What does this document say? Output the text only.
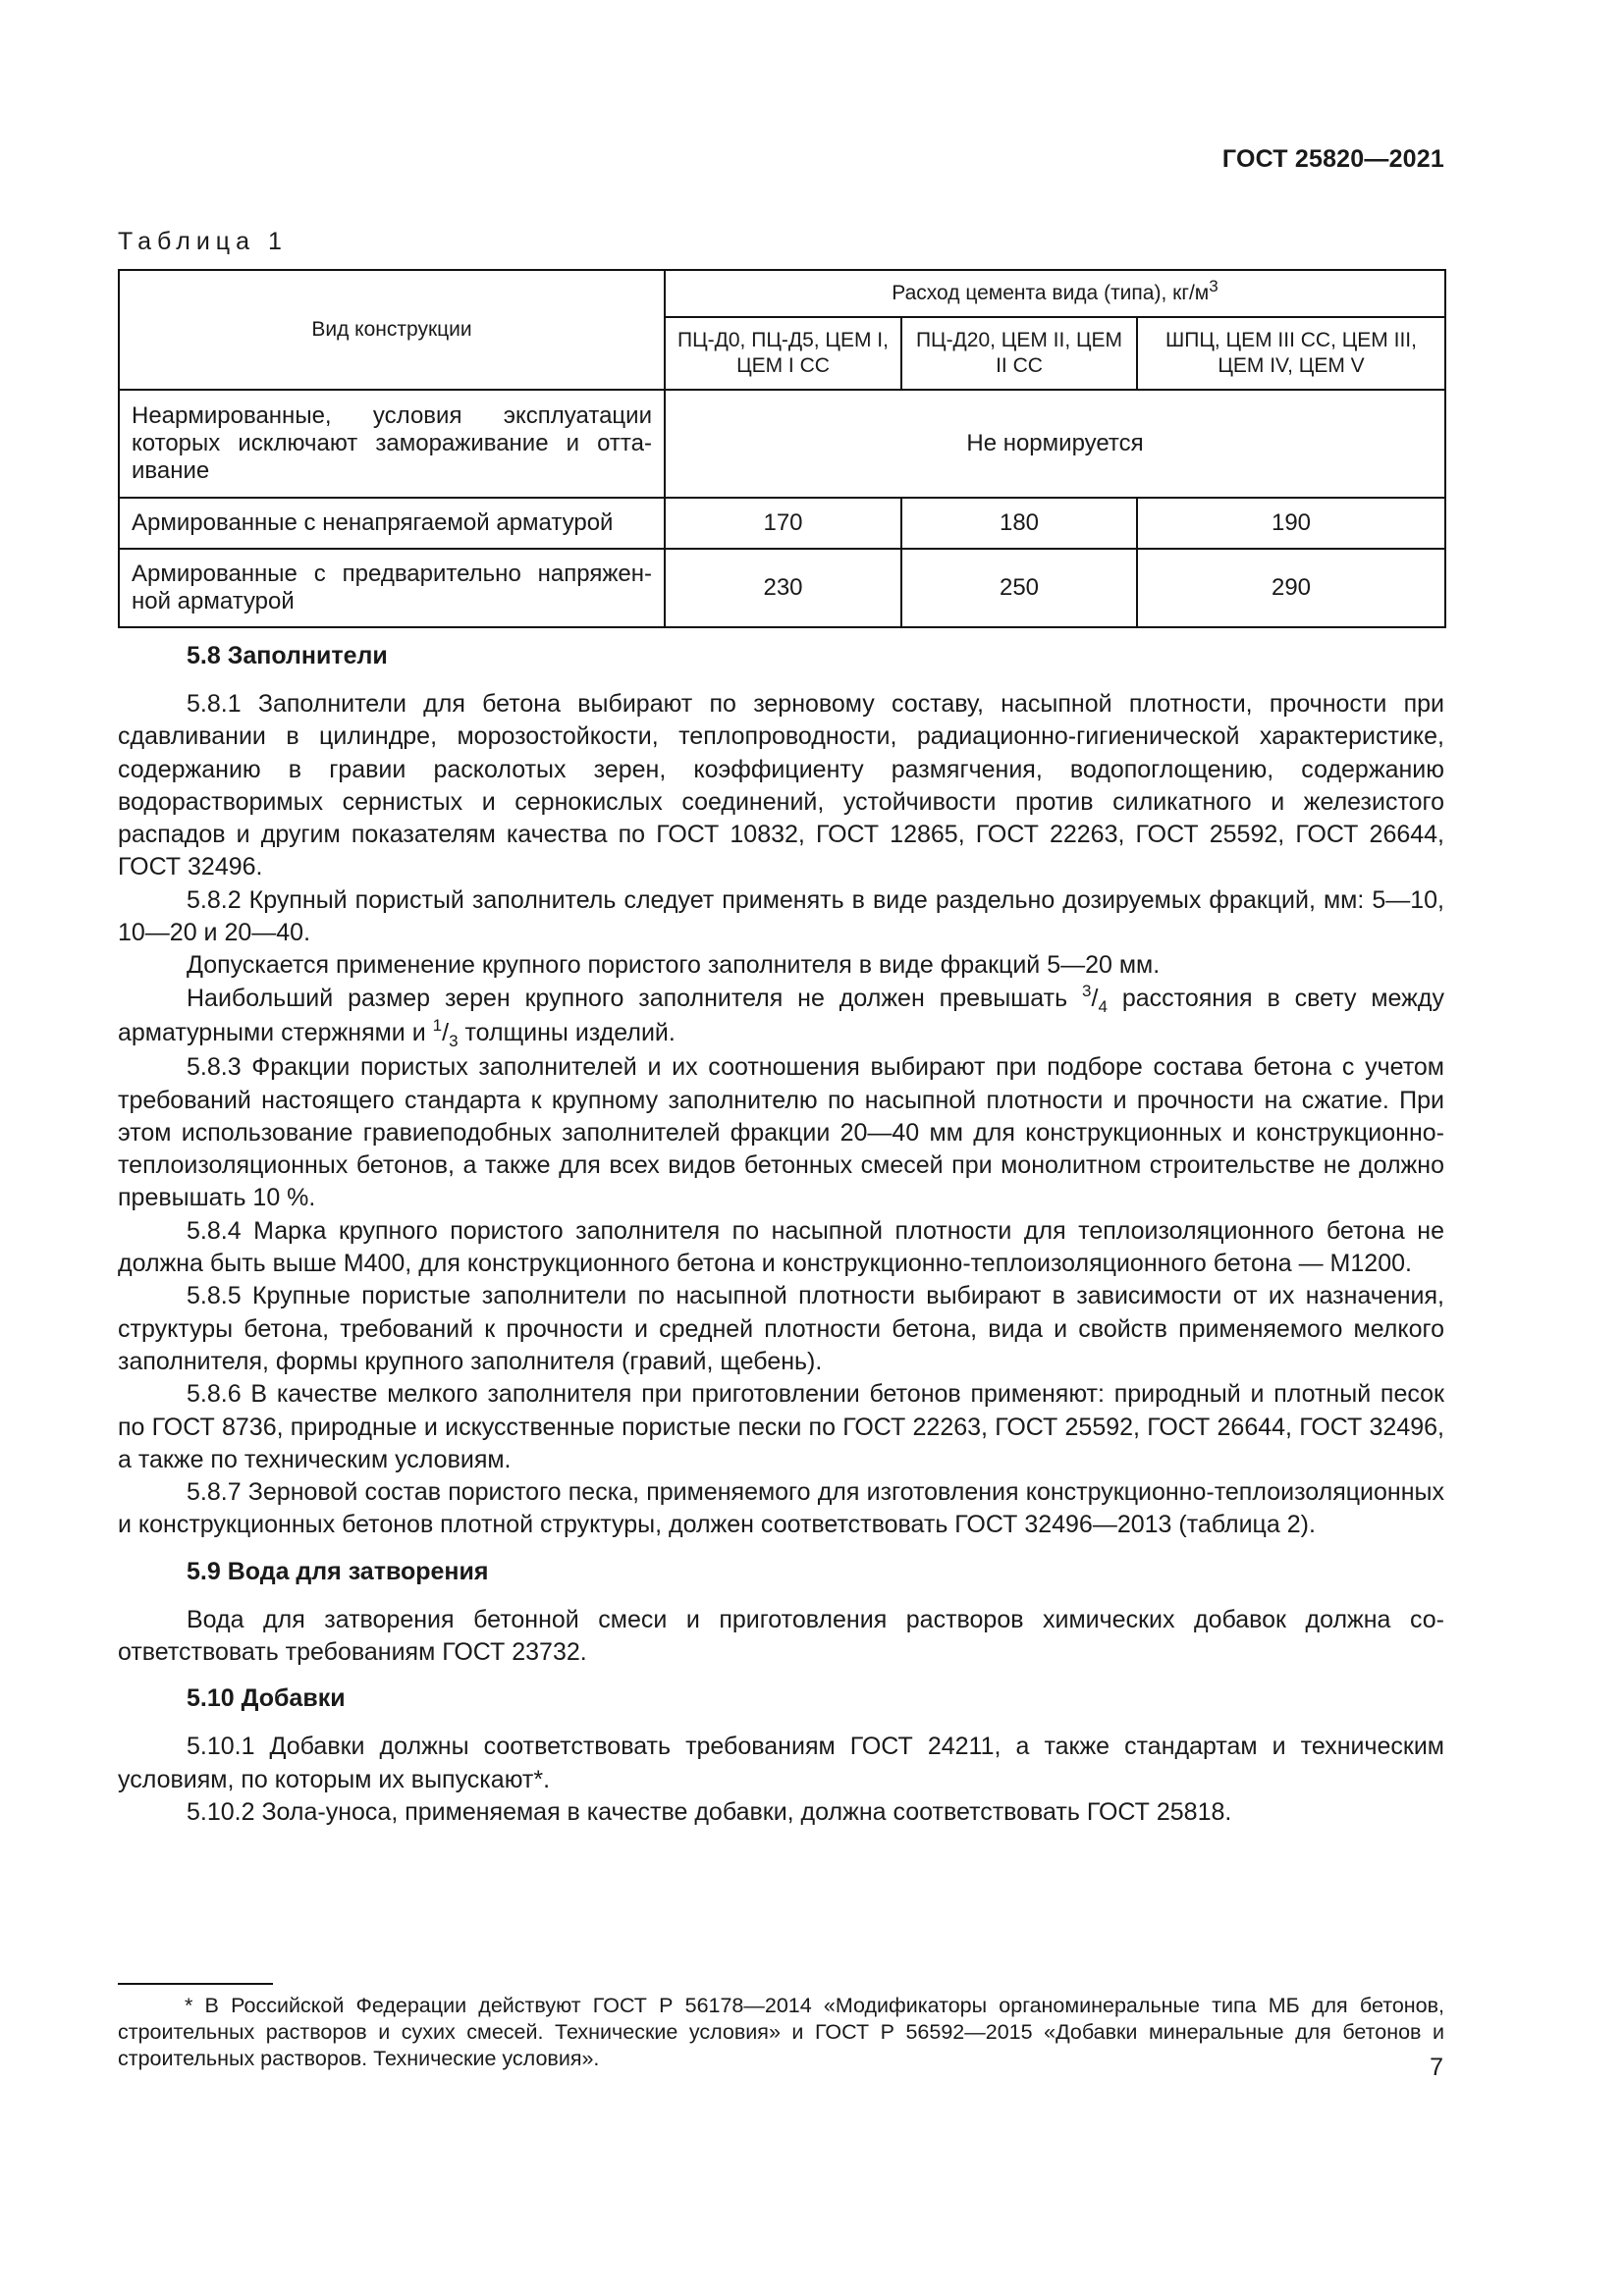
ГОСТ 25820—2021
Таблица 1
Вид конструкции	Расход цемента вида (типа), $кг/м^3$
	ПЦ-Д0, ПЦ-Д5, ЦЕМ I, ЦЕМ I СС	ПЦ-Д20, ЦЕМ II, ЦЕМ II СС	ШПЦ, ЦЕМ III СС, ЦЕМ III, ЦЕМ IV, ЦЕМ V
Неармированные, условия эксплуатации которых исключают замораживание и оттаивание	Не нормируется		
Армированные с ненапрягаемой арматурой	170	180	190
Армированные с предварительно напряженной арматурой	230	250	290
5.8 Заполнители

5.8.1 Заполнители для бетона выбирают по зерновому составу, насыпной плотности, прочности при сдавливании в цилиндре, морозостойкости, теплопроводности, радиационно-гигиенической характеристике, содержанию в гравии расколотых зерен, коэффициенту размягчения, водопоглощению, содержанию водорастворимых сернистых и сернокислых соединений, устойчивости против силикатного и железистого распадов и другим показателям качества по ГОСТ 10832, ГОСТ 12865, ГОСТ 22263, ГОСТ 25592, ГОСТ 26644, ГОСТ 32496.

5.8.2 Крупный пористый заполнитель следует применять в виде раздельно дозируемых фракций, мм: 5—10, 10—20 и 20—40.

Допускается применение крупного пористого заполнителя в виде фракций 5—20 мм.

Наибольший размер зерен крупного заполнителя не должен превышать $^3/_4$ расстояния в свету между арматурными стержнями и $^1/_3$ толщины изделий.

5.8.3 Фракции пористых заполнителей и их соотношения выбирают при подборе состава бетона с учетом требований настоящего стандарта к крупному заполнителю по насыпной плотности и прочности на сжатие. При этом использование гравиеподобных заполнителей фракции 20—40 мм для конструкционных и конструкционно-теплоизоляционных бетонов, а также для всех видов бетонных смесей при монолитном строительстве не должно превышать 10 %.

5.8.4 Марка крупного пористого заполнителя по насыпной плотности для теплоизоляционного бетона не должна быть выше М400, для конструкционного бетона и конструкционно-теплоизоляционного бетона — М1200.

5.8.5 Крупные пористые заполнители по насыпной плотности выбирают в зависимости от их назначения, структуры бетона, требований к прочности и средней плотности бетона, вида и свойств применяемого мелкого заполнителя, формы крупного заполнителя (гравий, щебень).

5.8.6 В качестве мелкого заполнителя при приготовлении бетонов применяют: природный и плотный песок по ГОСТ 8736, природные и искусственные пористые пески по ГОСТ 22263, ГОСТ 25592, ГОСТ 26644, ГОСТ 32496, а также по техническим условиям.

5.8.7 Зерновой состав пористого песка, применяемого для изготовления конструкционно-теплоизоляционных и конструкционных бетонов плотной структуры, должен соответствовать ГОСТ 32496—2013 (таблица 2).

5.9 Вода для затворения

Вода для затворения бетонной смеси и приготовления растворов химических добавок должна соответствовать требованиям ГОСТ 23732.

5.10 Добавки

5.10.1 Добавки должны соответствовать требованиям ГОСТ 24211, а также стандартам и техническим условиям, по которым их выпускают*.

5.10.2 Зола-уноса, применяемая в качестве добавки, должна соответствовать ГОСТ 25818.

* В Российской Федерации действуют ГОСТ Р 56178—2014 «Модификаторы органоминеральные типа МБ для бетонов, строительных растворов и сухих смесей. Технические условия» и ГОСТ Р 56592—2015 «Добавки минеральные для бетонов и строительных растворов. Технические условия».	7
